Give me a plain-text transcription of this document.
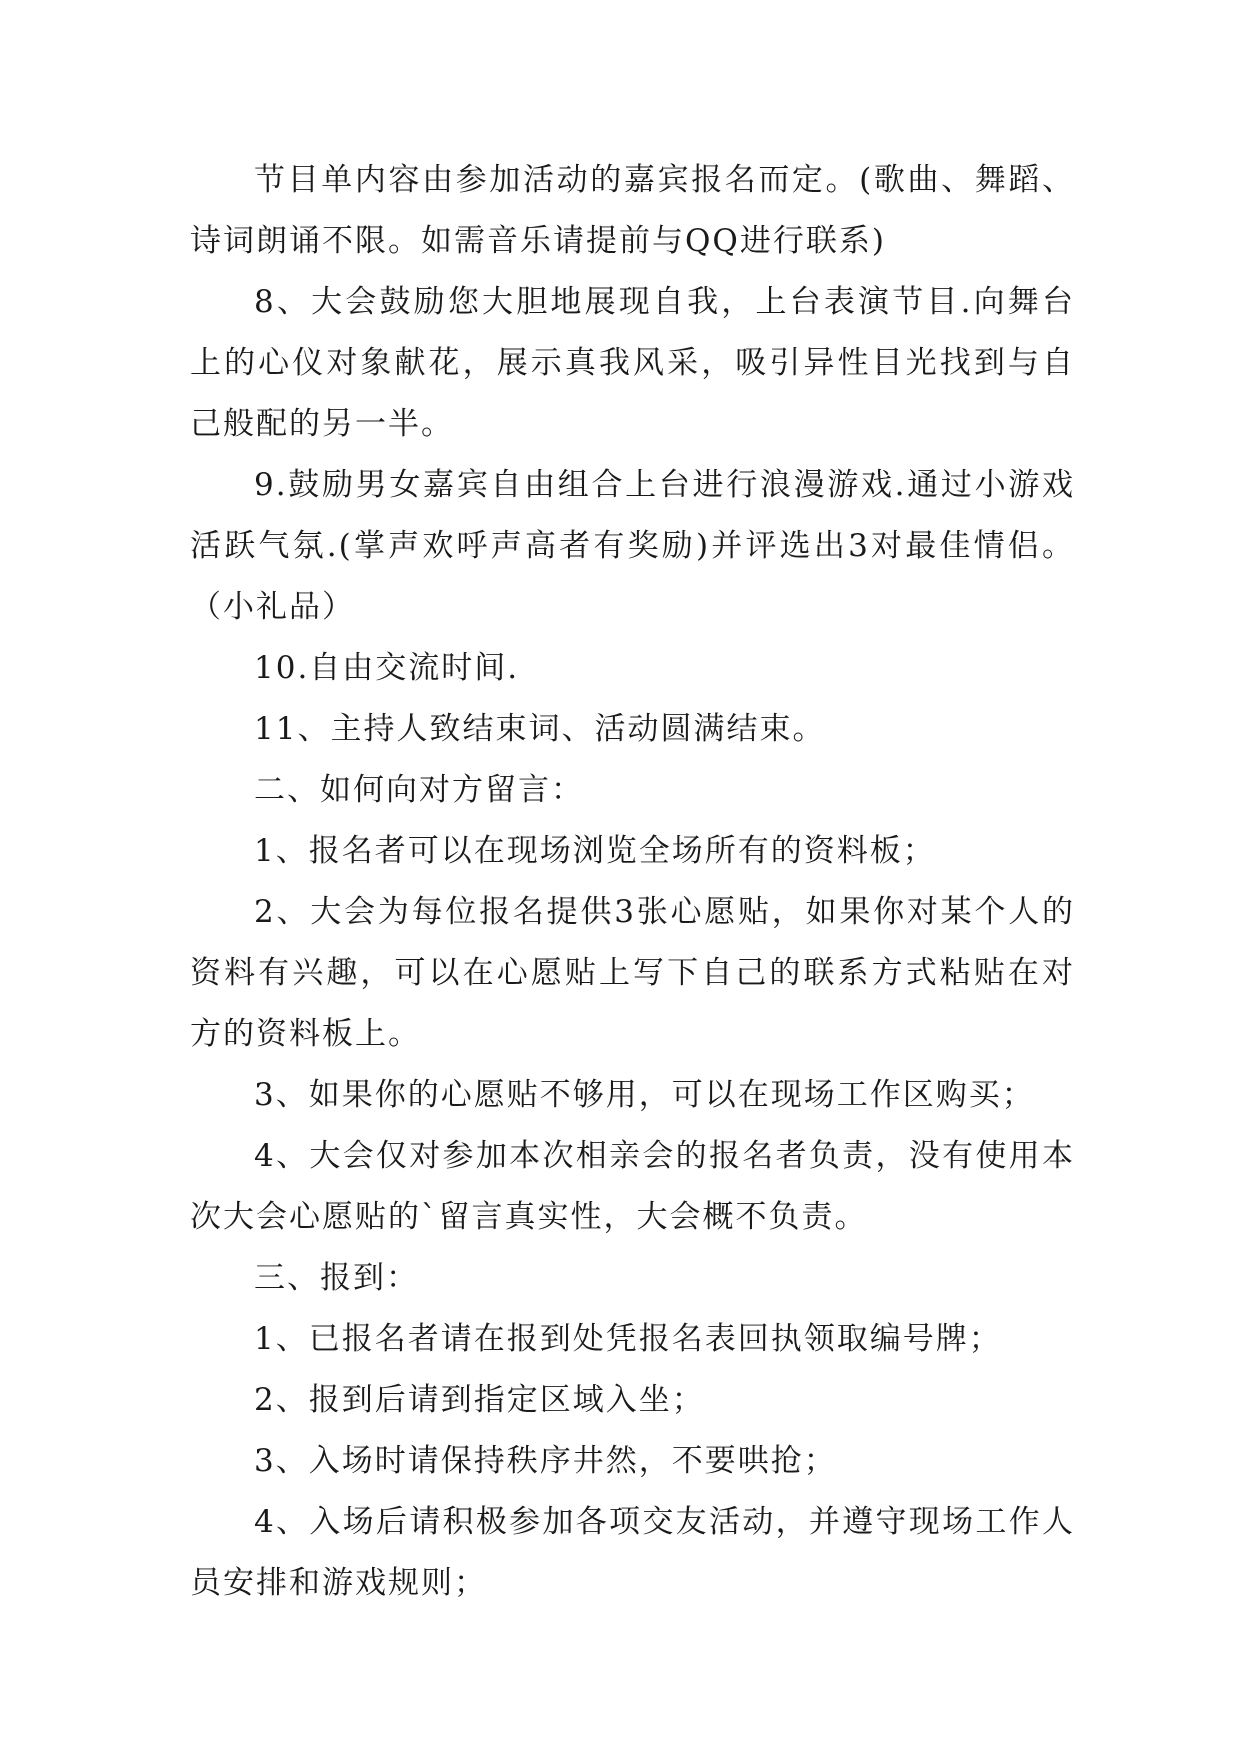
节目单内容由参加活动的嘉宾报名而定。(歌曲、舞蹈、诗词朗诵不限。如需音乐请提前与QQ进行联系)

8、大会鼓励您大胆地展现自我，上台表演节目.向舞台上的心仪对象献花，展示真我风采，吸引异性目光找到与自己般配的另一半。

9.鼓励男女嘉宾自由组合上台进行浪漫游戏.通过小游戏活跃气氛.(掌声欢呼声高者有奖励)并评选出3对最佳情侣。（小礼品）

10.自由交流时间.

11、主持人致结束词、活动圆满结束。

二、如何向对方留言：

1、报名者可以在现场浏览全场所有的资料板；

2、大会为每位报名提供3张心愿贴，如果你对某个人的资料有兴趣，可以在心愿贴上写下自己的联系方式粘贴在对方的资料板上。

3、如果你的心愿贴不够用，可以在现场工作区购买；

4、大会仅对参加本次相亲会的报名者负责，没有使用本次大会心愿贴的`留言真实性，大会概不负责。

三、报到：

1、已报名者请在报到处凭报名表回执领取编号牌；

2、报到后请到指定区域入坐；

3、入场时请保持秩序井然，不要哄抢；

4、入场后请积极参加各项交友活动，并遵守现场工作人员安排和游戏规则；
